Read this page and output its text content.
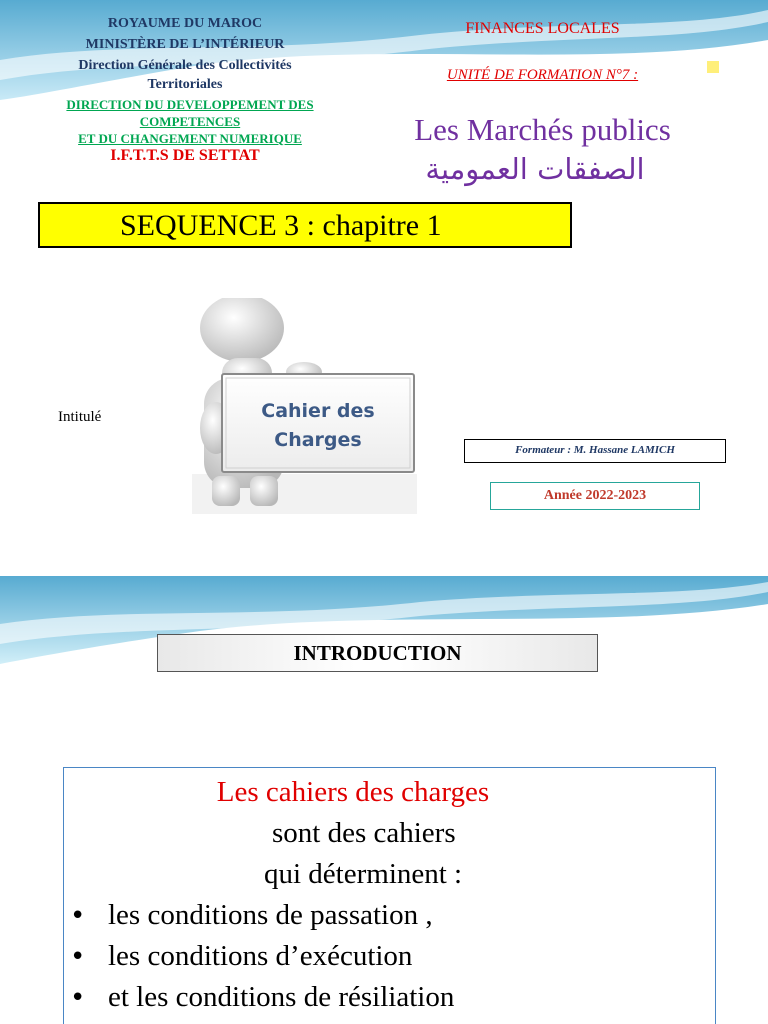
ROYAUME DU MAROC
MINISTÈRE DE L’INTÉRIEUR
Direction Générale des Collectivités
Territoriales
DIRECTION DU DEVELOPPEMENT DES
COMPETENCES
ET DU CHANGEMENT NUMERIQUE
I.F.T.T.S DE SETTAT
FINANCES LOCALES
UNITÉ DE FORMATION N°7 :
Les Marchés publics
الصفقات العمومية
SEQUENCE 3 : chapitre 1
Intitulé	Cahier des
Charges	Formateur : M. Hassane LAMICH
Année 2022-2023
INTRODUCTION
Les cahiers des charges
sont des cahiers
qui déterminent :
• les conditions de passation ,
• les conditions d’exécution
• et les conditions de résiliation
